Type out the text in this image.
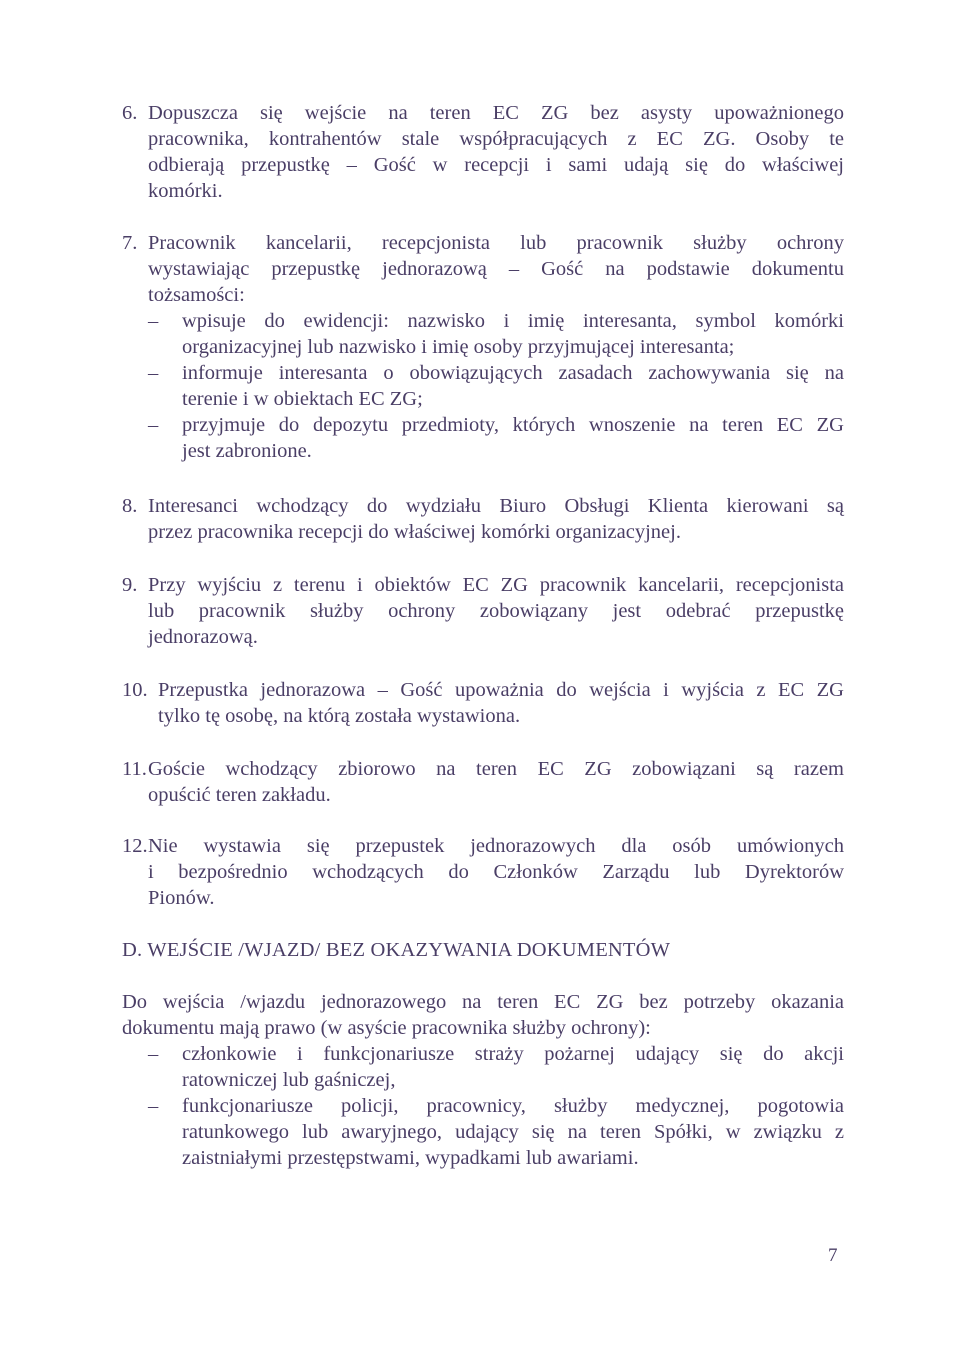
6. Dopuszcza się wejście na teren EC ZG bez asysty upoważnionego
pracownika, kontrahentów stale współpracujących z EC ZG. Osoby te
odbierają przepustkę – Gość w recepcji i sami udają się do właściwej
komórki.
7. Pracownik kancelarii, recepcjonista lub pracownik służby ochrony
wystawiając przepustkę jednorazową – Gość na podstawie dokumentu
tożsamości:
– wpisuje do ewidencji: nazwisko i imię interesanta, symbol komórki
organizacyjnej lub nazwisko i imię osoby przyjmującej interesanta;
– informuje interesanta o obowiązujących zasadach zachowywania się na
terenie i w obiektach EC ZG;
– przyjmuje do depozytu przedmioty, których wnoszenie na teren EC ZG
jest zabronione.
8. Interesanci wchodzący do wydziału Biuro Obsługi Klienta kierowani są
przez pracownika recepcji do właściwej komórki organizacyjnej.
9. Przy wyjściu z terenu i obiektów EC ZG pracownik kancelarii, recepcjonista
lub pracownik służby ochrony zobowiązany jest odebrać przepustkę
jednorazową.
10. Przepustka jednorazowa – Gość upoważnia do wejścia i wyjścia z EC ZG
tylko tę osobę, na którą została wystawiona.
11. Goście wchodzący zbiorowo na teren EC ZG zobowiązani są razem
opuścić teren zakładu.
12. Nie wystawia się przepustek jednorazowych dla osób umówionych
i bezpośrednio wchodzących do Członków Zarządu lub Dyrektorów
Pionów.
D. WEJŚCIE /WJAZD/ BEZ OKAZYWANIA DOKUMENTÓW
Do wejścia /wjazdu jednorazowego na teren EC ZG bez potrzeby okazania
dokumentu mają prawo (w asyście pracownika służby ochrony):
– członkowie i funkcjonariusze straży pożarnej udający się do akcji
ratowniczej lub gaśniczej,
– funkcjonariusze policji, pracownicy, służby medycznej, pogotowia
ratunkowego lub awaryjnego, udający się na teren Spółki, w związku z
zaistniałymi przestępstwami, wypadkami lub awariami.
7
